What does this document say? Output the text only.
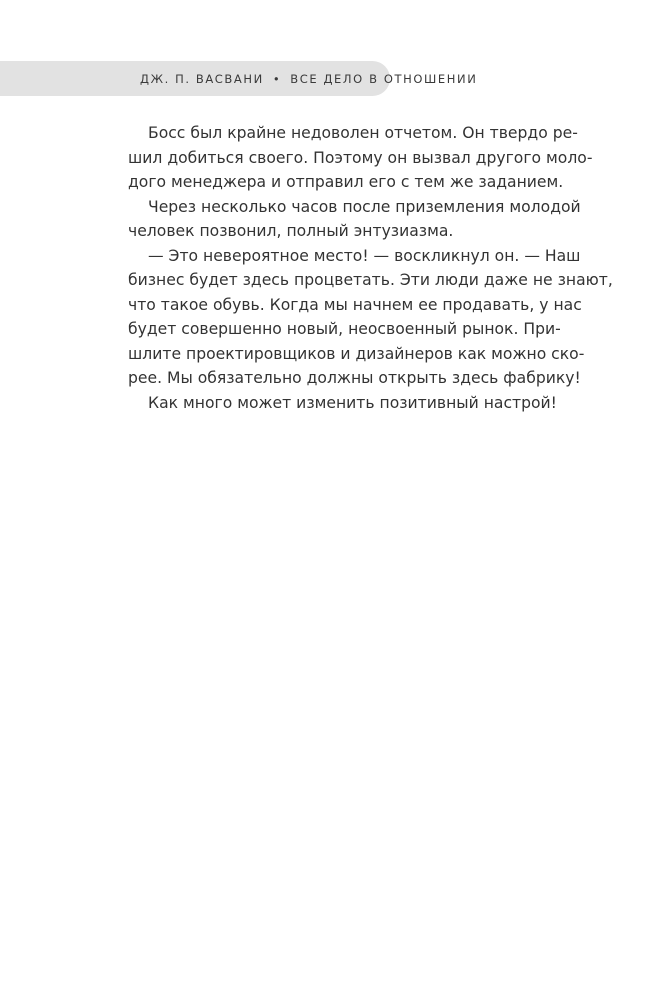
ДЖ. П. ВАСВАНИ • ВСЕ ДЕЛО В ОТНОШЕНИИ
Босс был крайне недоволен отчетом. Он твердо ре-
шил добиться своего. Поэтому он вызвал другого моло-
дого менеджера и отправил его с тем же заданием.
Через несколько часов после приземления молодой
человек позвонил, полный энтузиазма.
— Это невероятное место! — воскликнул он. — Наш
бизнес будет здесь процветать. Эти люди даже не знают,
что такое обувь. Когда мы начнем ее продавать, у нас
будет совершенно новый, неосвоенный рынок. При-
шлите проектировщиков и дизайнеров как можно ско-
рее. Мы обязательно должны открыть здесь фабрику!
Как много может изменить позитивный настрой!
